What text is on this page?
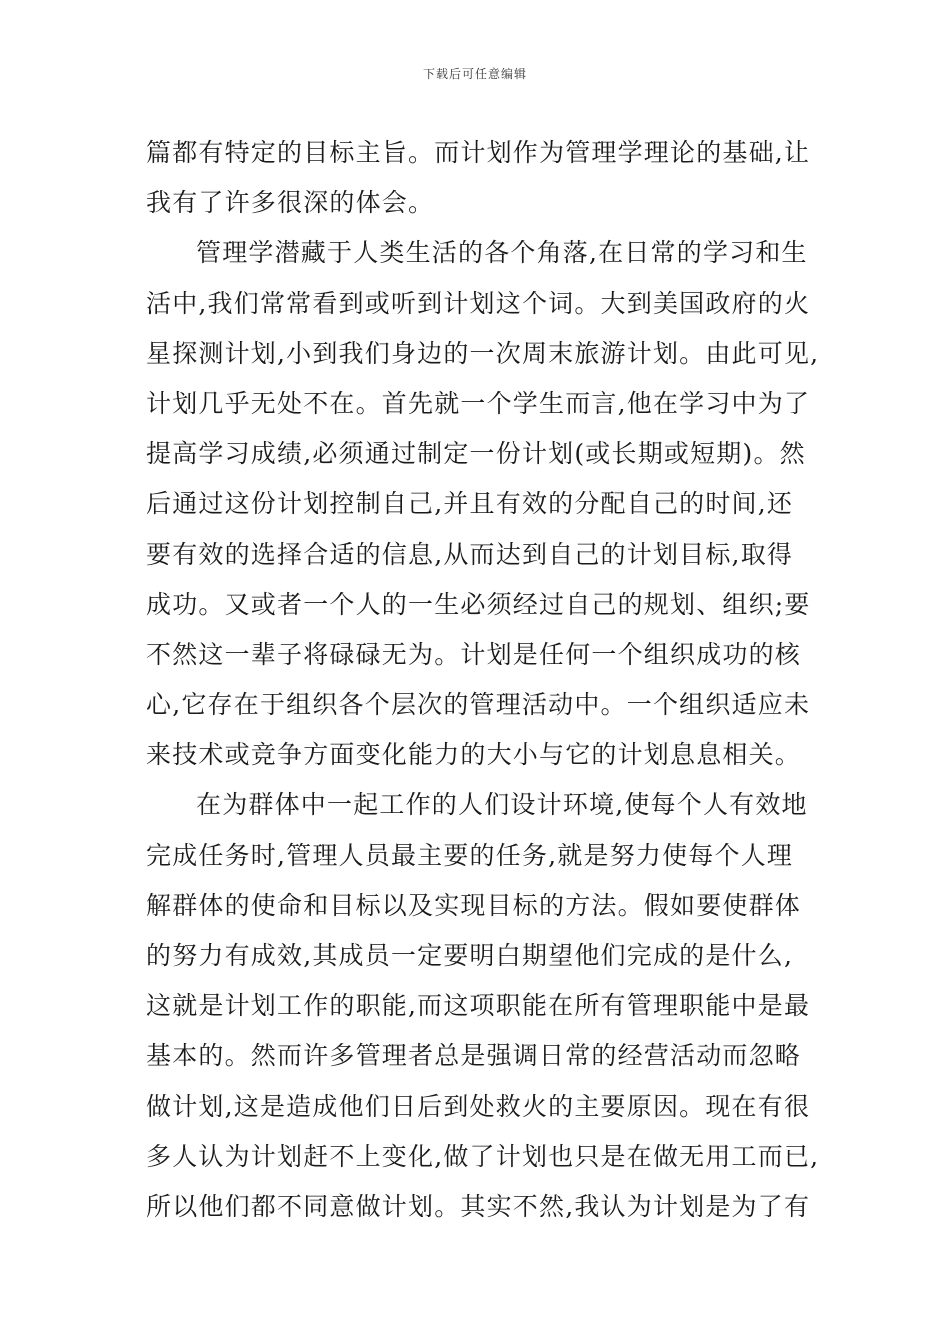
下载后可任意编辑
篇都有特定的目标主旨。而计划作为管理学理论的基础,让
我有了许多很深的体会。
管理学潜藏于人类生活的各个角落,在日常的学习和生
活中,我们常常看到或听到计划这个词。大到美国政府的火
星探测计划,小到我们身边的一次周末旅游计划。由此可见,
计划几乎无处不在。首先就一个学生而言,他在学习中为了
提高学习成绩,必须通过制定一份计划(或长期或短期)。然
后通过这份计划控制自己,并且有效的分配自己的时间,还
要有效的选择合适的信息,从而达到自己的计划目标,取得
成功。又或者一个人的一生必须经过自己的规划、组织;要
不然这一辈子将碌碌无为。计划是任何一个组织成功的核
心,它存在于组织各个层次的管理活动中。一个组织适应未
来技术或竞争方面变化能力的大小与它的计划息息相关。
在为群体中一起工作的人们设计环境,使每个人有效地
完成任务时,管理人员最主要的任务,就是努力使每个人理
解群体的使命和目标以及实现目标的方法。假如要使群体
的努力有成效,其成员一定要明白期望他们完成的是什么,
这就是计划工作的职能,而这项职能在所有管理职能中是最
基本的。然而许多管理者总是强调日常的经营活动而忽略
做计划,这是造成他们日后到处救火的主要原因。现在有很
多人认为计划赶不上变化,做了计划也只是在做无用工而已,
所以他们都不同意做计划。其实不然,我认为计划是为了有
